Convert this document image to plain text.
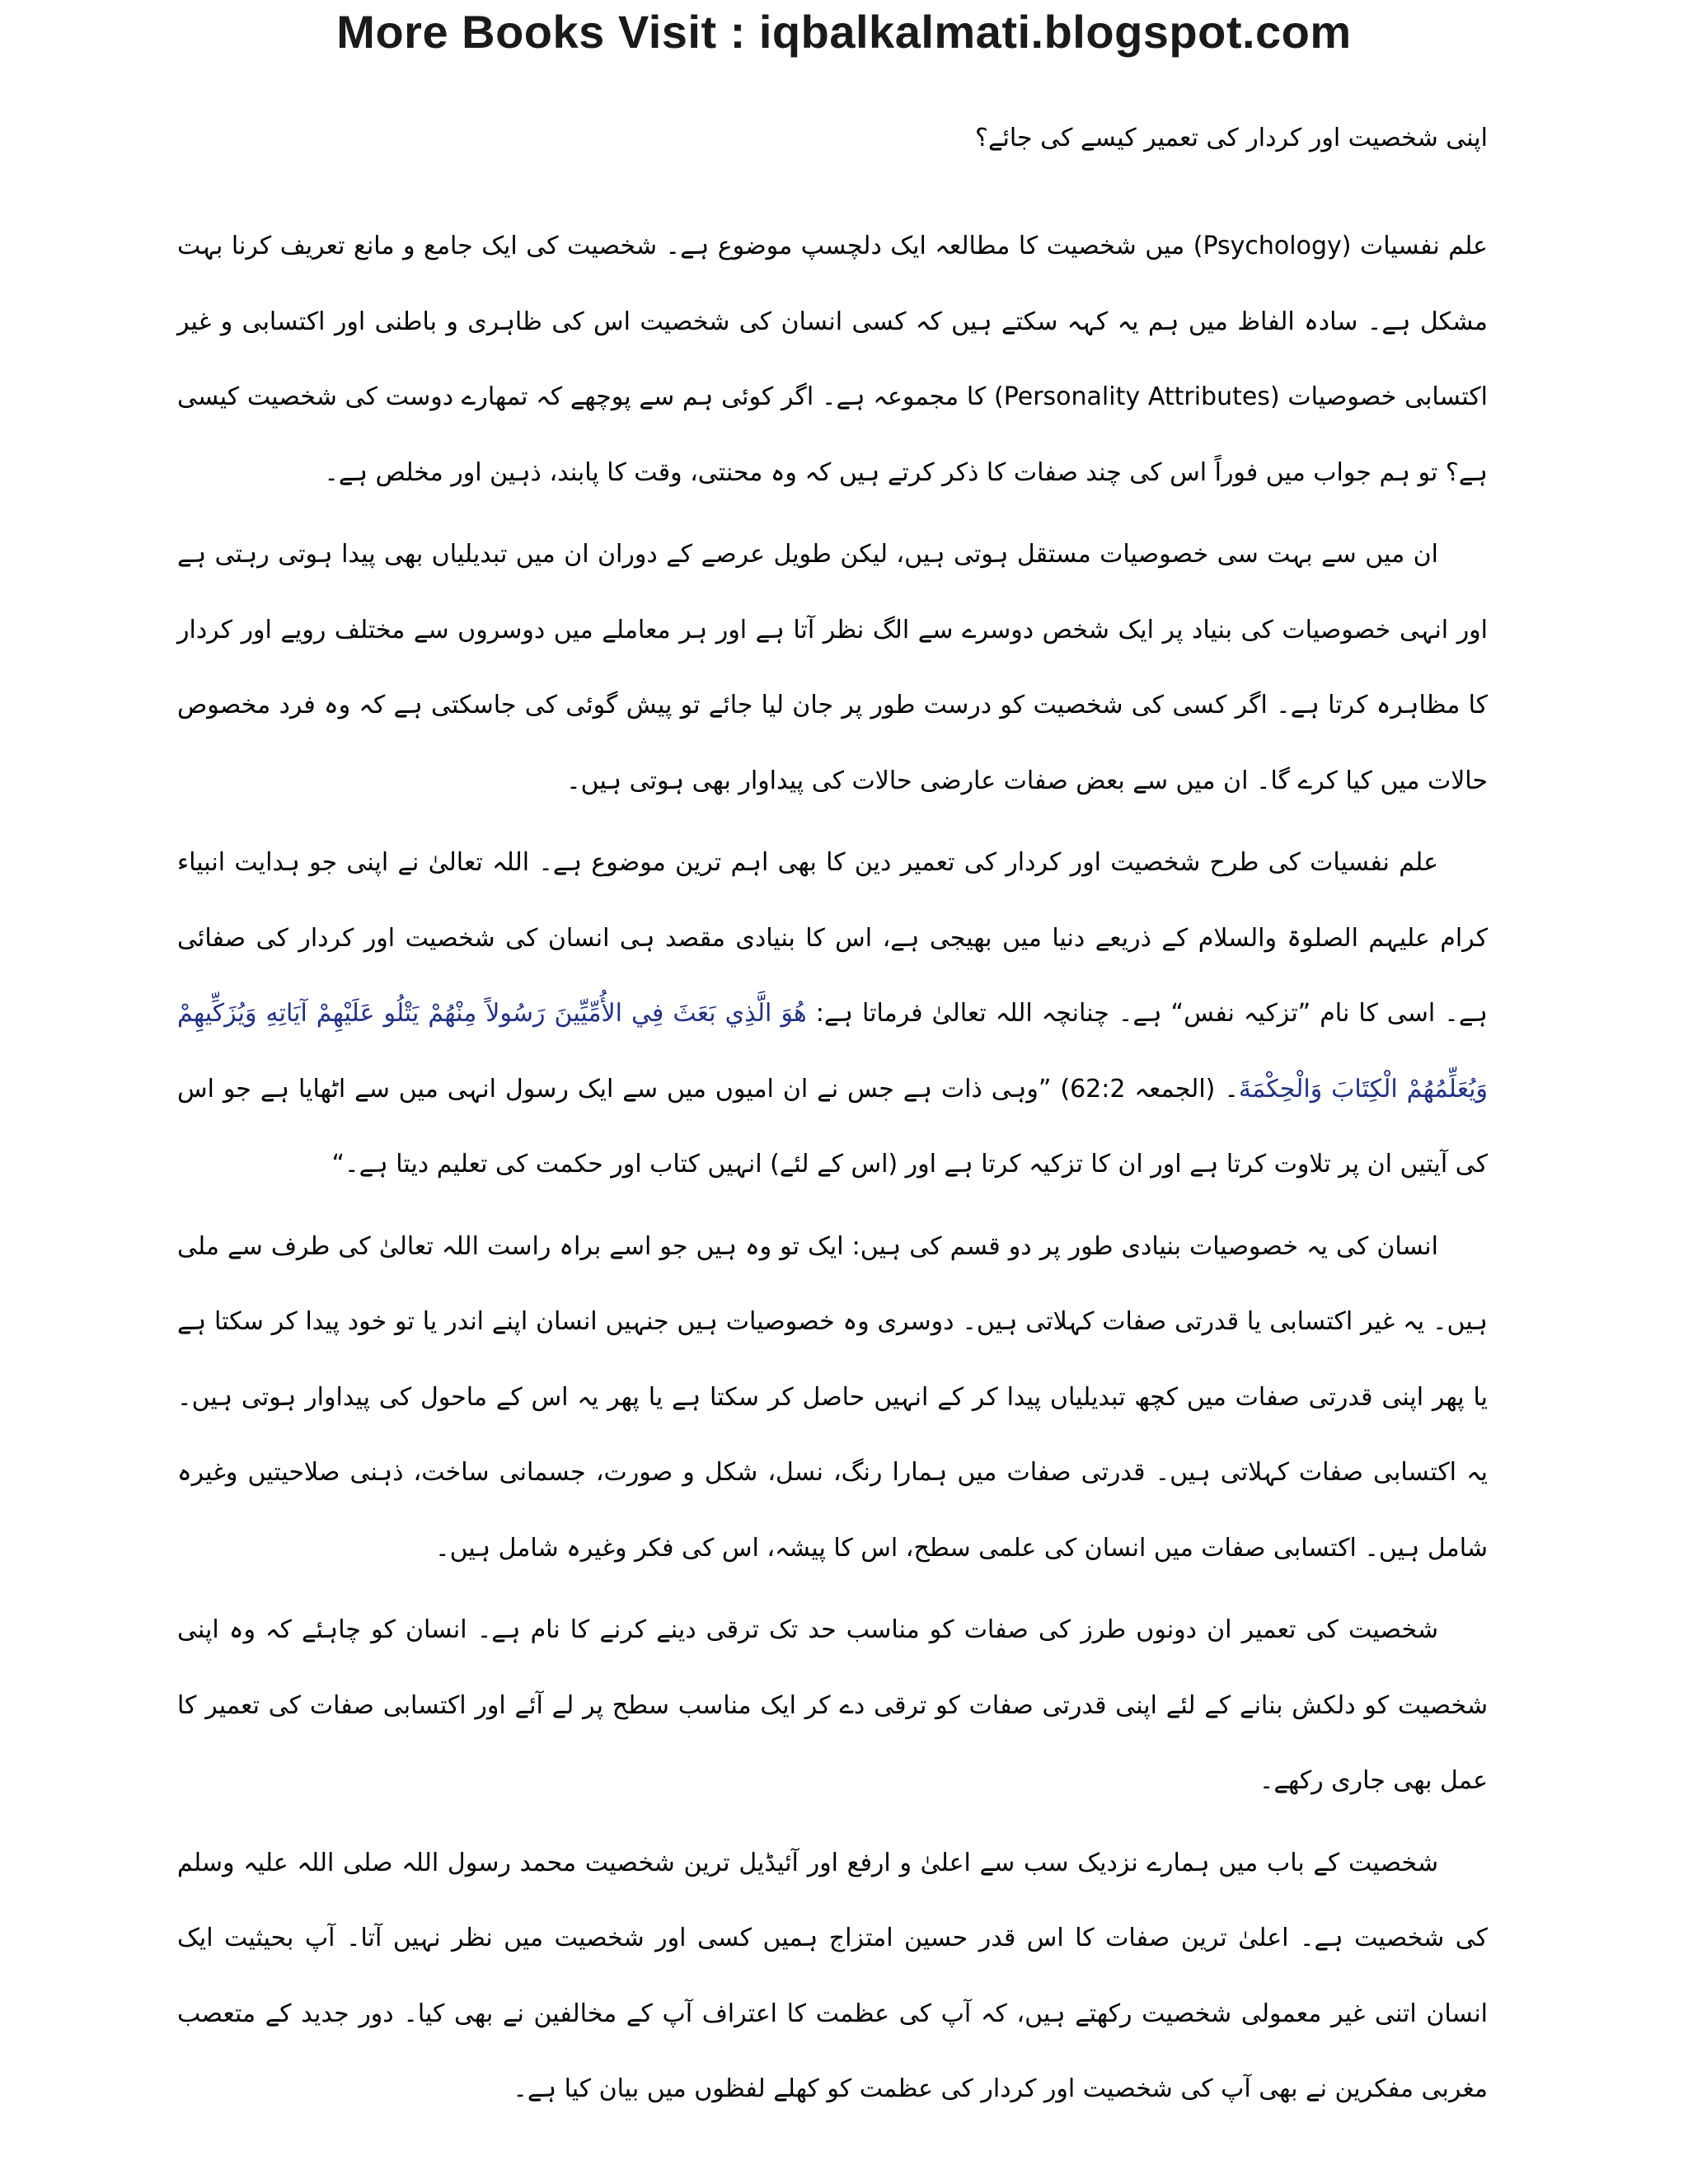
More Books Visit : iqbalkalmati.blogspot.com

اپنی شخصیت اور کردار کی تعمیر کیسے کی جائے؟

علم نفسیات (Psychology) میں شخصیت کا مطالعہ ایک دلچسپ موضوع ہے۔ شخصیت کی ایک جامع و مانع تعریف کرنا بہت مشکل ہے۔ سادہ الفاظ میں ہم یہ کہہ سکتے ہیں کہ کسی انسان کی شخصیت اس کی ظاہری و باطنی اور اکتسابی و غیر اکتسابی خصوصیات (Personality Attributes) کا مجموعہ ہے۔ اگر کوئی ہم سے پوچھے کہ تمھارے دوست کی شخصیت کیسی ہے؟ تو ہم جواب میں فوراً اس کی چند صفات کا ذکر کرتے ہیں کہ وہ محنتی، وقت کا پابند، ذہین اور مخلص ہے۔

ان میں سے بہت سی خصوصیات مستقل ہوتی ہیں، لیکن طویل عرصے کے دوران ان میں تبدیلیاں بھی پیدا ہوتی رہتی ہے اور انہی خصوصیات کی بنیاد پر ایک شخص دوسرے سے الگ نظر آتا ہے اور ہر معاملے میں دوسروں سے مختلف رویے اور کردار کا مظاہرہ کرتا ہے۔ اگر کسی کی شخصیت کو درست طور پر جان لیا جائے تو پیش گوئی کی جاسکتی ہے کہ وہ فرد مخصوص حالات میں کیا کرے گا۔ ان میں سے بعض صفات عارضی حالات کی پیداوار بھی ہوتی ہیں۔

علم نفسیات کی طرح شخصیت اور کردار کی تعمیر دین کا بھی اہم ترین موضوع ہے۔ اللہ تعالیٰ نے اپنی جو ہدایت انبیاء کرام علیہم الصلوۃ والسلام کے ذریعے دنیا میں بھیجی ہے، اس کا بنیادی مقصد ہی انسان کی شخصیت اور کردار کی صفائی ہے۔ اسی کا نام ”تزکیہ نفس“ ہے۔ چنانچہ اللہ تعالیٰ فرماتا ہے: هُوَ الَّذِي بَعَثَ فِي الأُمِّيِّينَ رَسُولاً مِنْهُمْ يَتْلُو عَلَيْهِمْ آيَاتِهِ وَيُزَكِّيهِمْ وَيُعَلِّمُهُمْ الْكِتَابَ وَالْحِكْمَةَ۔ (الجمعہ 62:2) ”وہی ذات ہے جس نے ان امیوں میں سے ایک رسول انہی میں سے اٹھایا ہے جو اس کی آیتیں ان پر تلاوت کرتا ہے اور ان کا تزکیہ کرتا ہے اور (اس کے لئے) انہیں کتاب اور حکمت کی تعلیم دیتا ہے۔“

انسان کی یہ خصوصیات بنیادی طور پر دو قسم کی ہیں: ایک تو وہ ہیں جو اسے براہ راست اللہ تعالیٰ کی طرف سے ملی ہیں۔ یہ غیر اکتسابی یا قدرتی صفات کہلاتی ہیں۔ دوسری وہ خصوصیات ہیں جنہیں انسان اپنے اندر یا تو خود پیدا کر سکتا ہے یا پھر اپنی قدرتی صفات میں کچھ تبدیلیاں پیدا کر کے انہیں حاصل کر سکتا ہے یا پھر یہ اس کے ماحول کی پیداوار ہوتی ہیں۔ یہ اکتسابی صفات کہلاتی ہیں۔ قدرتی صفات میں ہمارا رنگ، نسل، شکل و صورت، جسمانی ساخت، ذہنی صلاحیتیں وغیرہ شامل ہیں۔ اکتسابی صفات میں انسان کی علمی سطح، اس کا پیشہ، اس کی فکر وغیرہ شامل ہیں۔

شخصیت کی تعمیر ان دونوں طرز کی صفات کو مناسب حد تک ترقی دینے کرنے کا نام ہے۔ انسان کو چاہئے کہ وہ اپنی شخصیت کو دلکش بنانے کے لئے اپنی قدرتی صفات کو ترقی دے کر ایک مناسب سطح پر لے آئے اور اکتسابی صفات کی تعمیر کا عمل بھی جاری رکھے۔

شخصیت کے باب میں ہمارے نزدیک سب سے اعلیٰ و ارفع اور آئیڈیل ترین شخصیت محمد رسول اللہ صلی اللہ علیہ وسلم کی شخصیت ہے۔ اعلیٰ ترین صفات کا اس قدر حسین امتزاج ہمیں کسی اور شخصیت میں نظر نہیں آتا۔ آپ بحیثیت ایک انسان اتنی غیر معمولی شخصیت رکھتے ہیں، کہ آپ کی عظمت کا اعتراف آپ کے مخالفین نے بھی کیا۔ دور جدید کے متعصب مغربی مفکرین نے بھی آپ کی شخصیت اور کردار کی عظمت کو کھلے لفظوں میں بیان کیا ہے۔
